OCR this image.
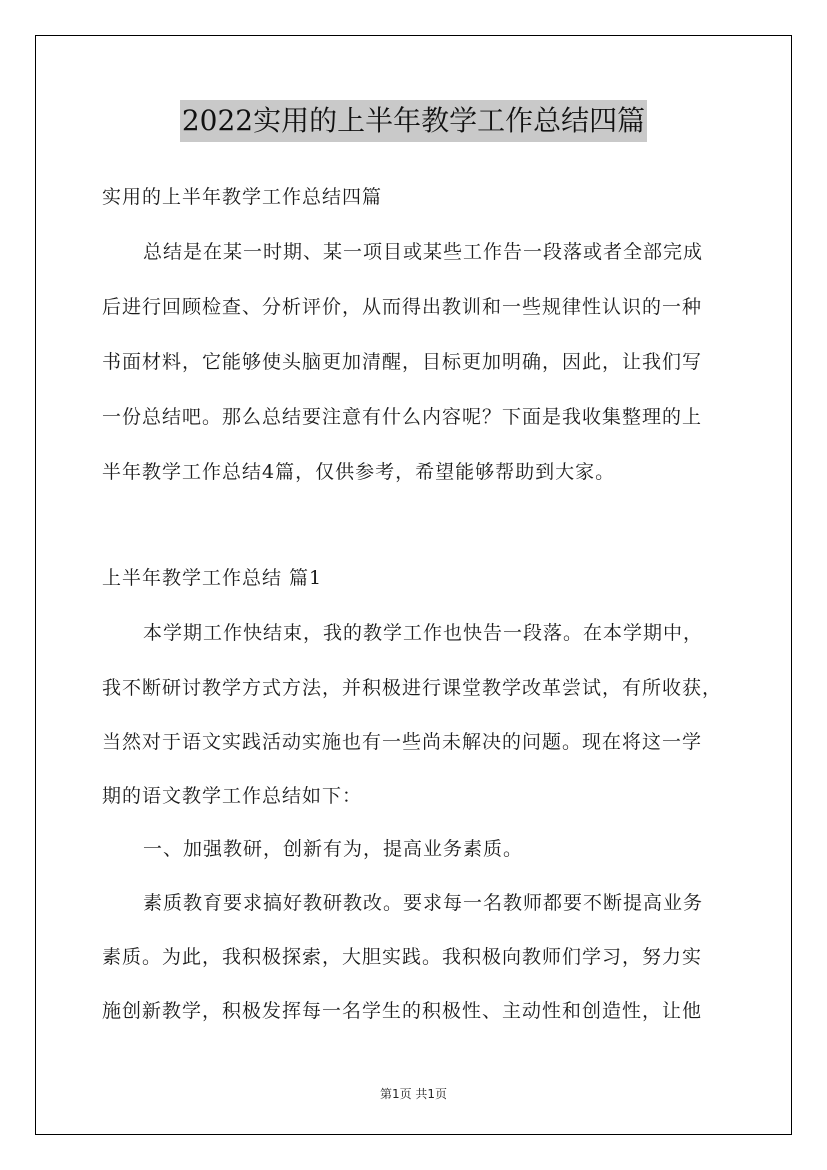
2022实用的上半年教学工作总结四篇
实用的上半年教学工作总结四篇
总结是在某一时期、某一项目或某些工作告一段落或者全部完成
后进行回顾检查、分析评价，从而得出教训和一些规律性认识的一种
书面材料，它能够使头脑更加清醒，目标更加明确，因此，让我们写
一份总结吧。那么总结要注意有什么内容呢？下面是我收集整理的上
半年教学工作总结4篇，仅供参考，希望能够帮助到大家。
上半年教学工作总结 篇1
本学期工作快结束，我的教学工作也快告一段落。在本学期中，
我不断研讨教学方式方法，并积极进行课堂教学改革尝试，有所收获，
当然对于语文实践活动实施也有一些尚未解决的问题。现在将这一学
期的语文教学工作总结如下：
一、加强教研，创新有为，提高业务素质。
素质教育要求搞好教研教改。要求每一名教师都要不断提高业务
素质。为此，我积极探索，大胆实践。我积极向教师们学习，努力实
施创新教学，积极发挥每一名学生的积极性、主动性和创造性，让他
第1页 共1页
